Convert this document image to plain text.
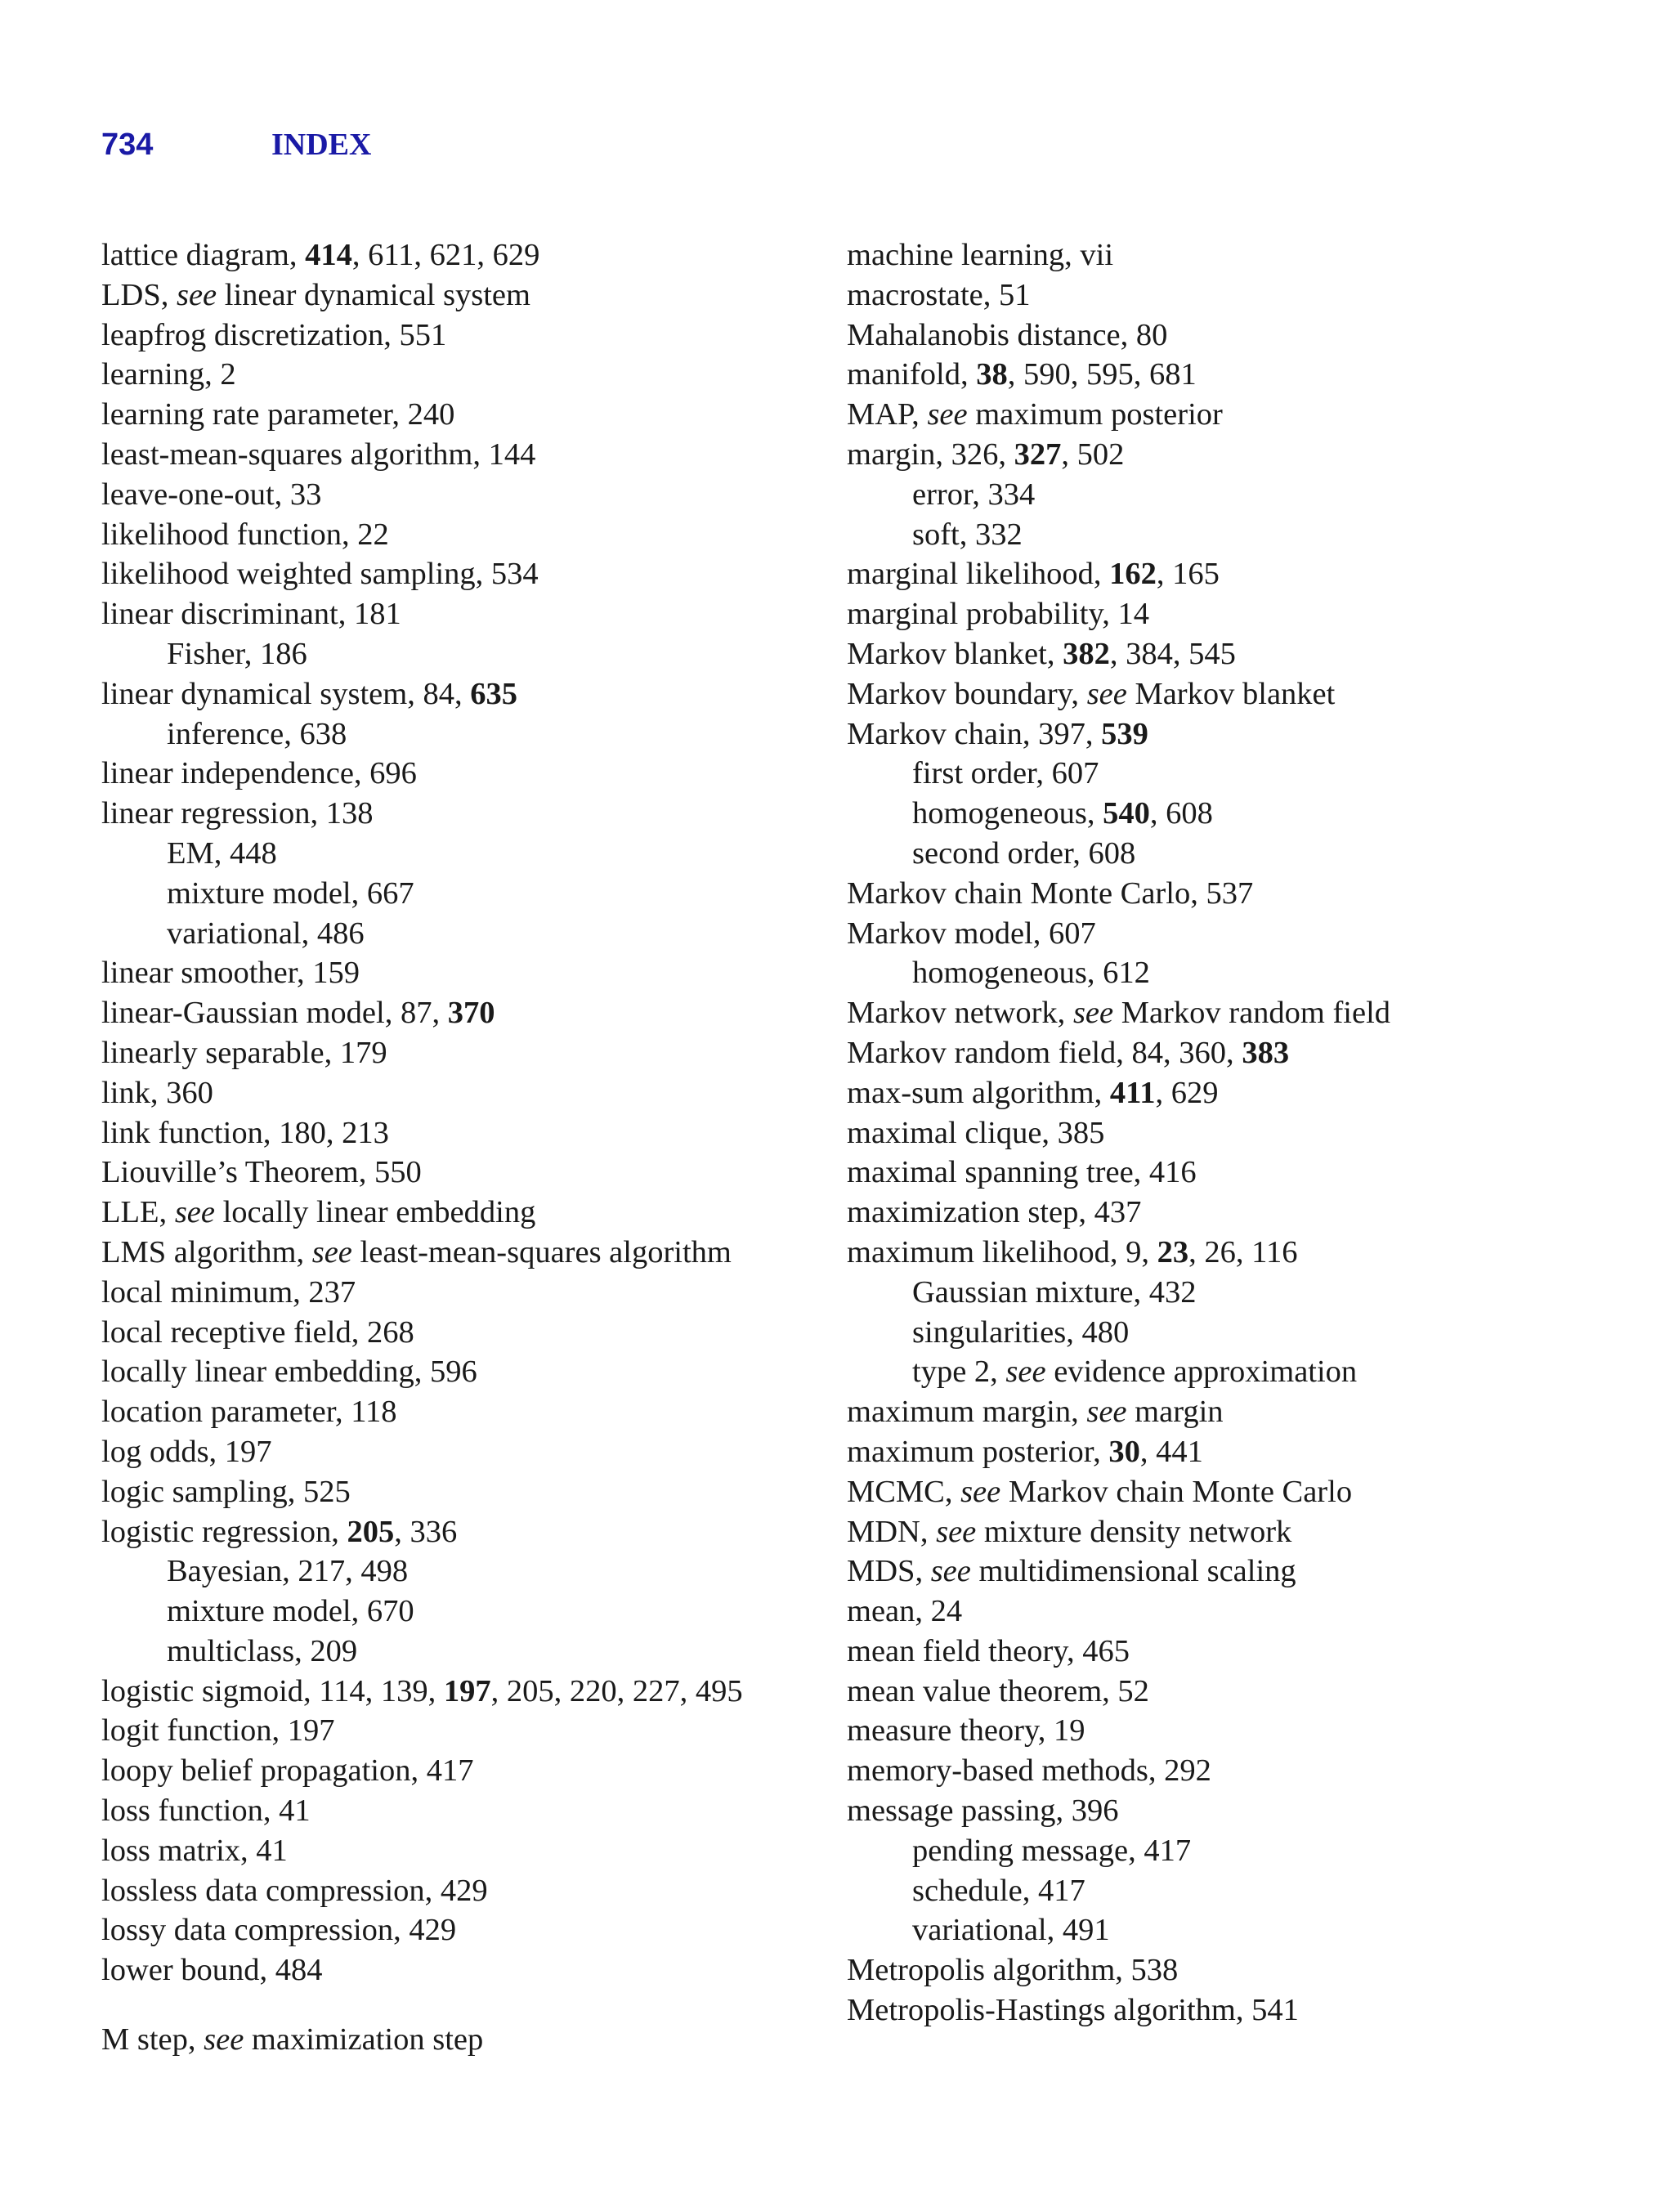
734	INDEX
lattice diagram, 414, 611, 621, 629
LDS, see linear dynamical system
leapfrog discretization, 551
learning, 2
learning rate parameter, 240
least-mean-squares algorithm, 144
leave-one-out, 33
likelihood function, 22
likelihood weighted sampling, 534
linear discriminant, 181
Fisher, 186
linear dynamical system, 84, 635
inference, 638
linear independence, 696
linear regression, 138
EM, 448
mixture model, 667
variational, 486
linear smoother, 159
linear-Gaussian model, 87, 370
linearly separable, 179
link, 360
link function, 180, 213
Liouville’s Theorem, 550
LLE, see locally linear embedding
LMS algorithm, see least-mean-squares algorithm
local minimum, 237
local receptive field, 268
locally linear embedding, 596
location parameter, 118
log odds, 197
logic sampling, 525
logistic regression, 205, 336
Bayesian, 217, 498
mixture model, 670
multiclass, 209
logistic sigmoid, 114, 139, 197, 205, 220, 227, 495
logit function, 197
loopy belief propagation, 417
loss function, 41
loss matrix, 41
lossless data compression, 429
lossy data compression, 429
lower bound, 484
M step, see maximization step
machine learning, vii
macrostate, 51
Mahalanobis distance, 80
manifold, 38, 590, 595, 681
MAP, see maximum posterior
margin, 326, 327, 502
error, 334
soft, 332
marginal likelihood, 162, 165
marginal probability, 14
Markov blanket, 382, 384, 545
Markov boundary, see Markov blanket
Markov chain, 397, 539
first order, 607
homogeneous, 540, 608
second order, 608
Markov chain Monte Carlo, 537
Markov model, 607
homogeneous, 612
Markov network, see Markov random field
Markov random field, 84, 360, 383
max-sum algorithm, 411, 629
maximal clique, 385
maximal spanning tree, 416
maximization step, 437
maximum likelihood, 9, 23, 26, 116
Gaussian mixture, 432
singularities, 480
type 2, see evidence approximation
maximum margin, see margin
maximum posterior, 30, 441
MCMC, see Markov chain Monte Carlo
MDN, see mixture density network
MDS, see multidimensional scaling
mean, 24
mean field theory, 465
mean value theorem, 52
measure theory, 19
memory-based methods, 292
message passing, 396
pending message, 417
schedule, 417
variational, 491
Metropolis algorithm, 538
Metropolis-Hastings algorithm, 541
